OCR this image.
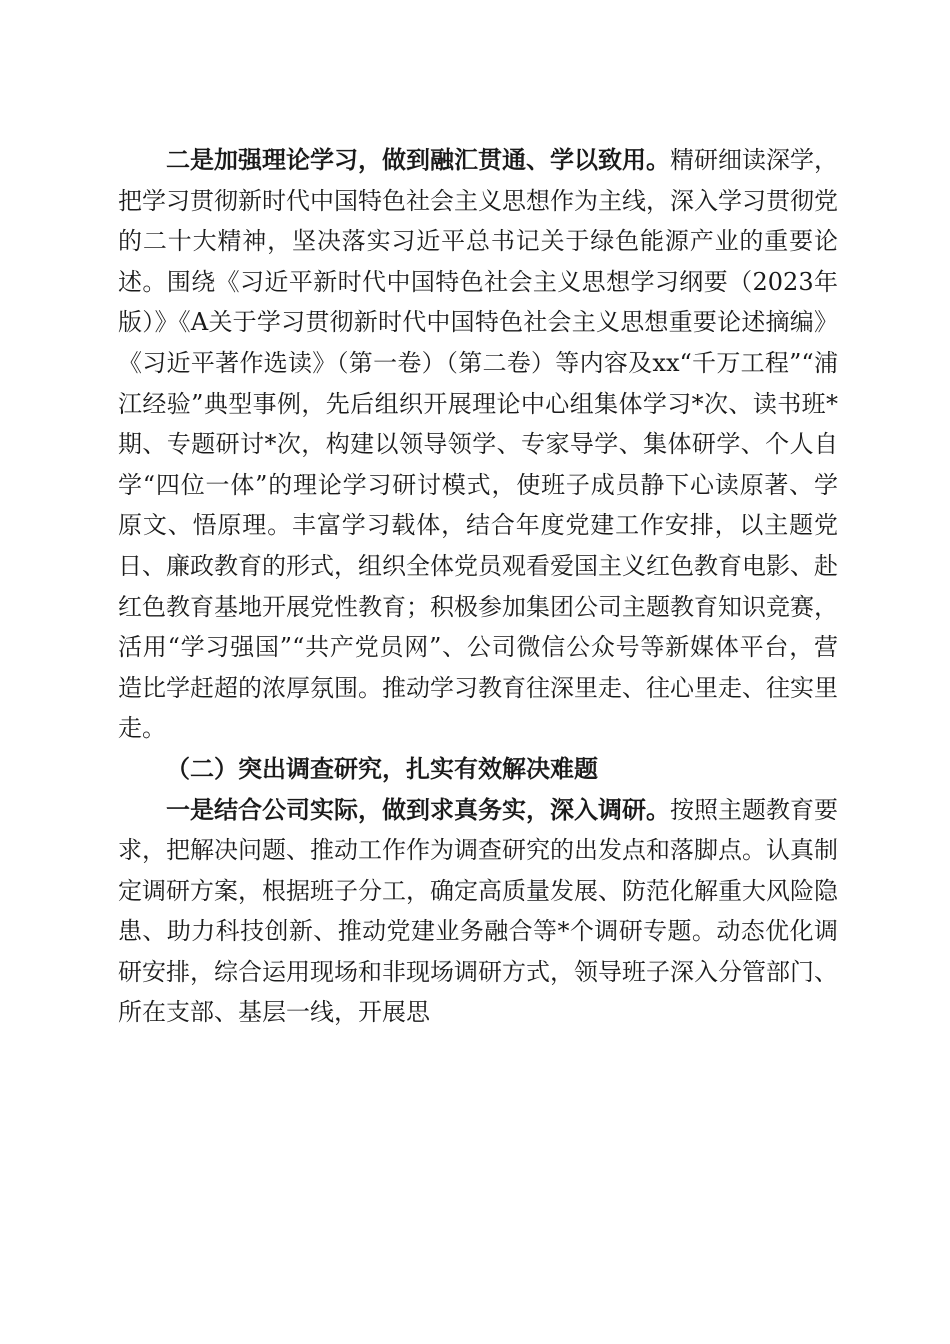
二是加强理论学习，做到融汇贯通、学以致用。精研细读深学，把学习贯彻新时代中国特色社会主义思想作为主线，深入学习贯彻党的二十大精神，坚决落实习近平总书记关于绿色能源产业的重要论述。围绕《习近平新时代中国特色社会主义思想学习纲要（2023年版）》《A关于学习贯彻新时代中国特色社会主义思想重要论述摘编》《习近平著作选读》（第一卷）（第二卷）等内容及xx“千万工程”“浦江经验”典型事例，先后组织开展理论中心组集体学习*次、读书班*期、专题研讨*次，构建以领导领学、专家导学、集体研学、个人自学“四位一体”的理论学习研讨模式，使班子成员静下心读原著、学原文、悟原理。丰富学习载体，结合年度党建工作安排，以主题党日、廉政教育的形式，组织全体党员观看爱国主义红色教育电影、赴红色教育基地开展党性教育；积极参加集团公司主题教育知识竞赛，活用“学习强国”“共产党员网”、公司微信公众号等新媒体平台，营造比学赶超的浓厚氛围。推动学习教育往深里走、往心里走、往实里走。

（二）突出调查研究，扎实有效解决难题

一是结合公司实际，做到求真务实，深入调研。按照主题教育要求，把解决问题、推动工作作为调查研究的出发点和落脚点。认真制定调研方案，根据班子分工，确定高质量发展、防范化解重大风险隐患、助力科技创新、推动党建业务融合等*个调研专题。动态优化调研安排，综合运用现场和非现场调研方式，领导班子深入分管部门、所在支部、基层一线，开展思
